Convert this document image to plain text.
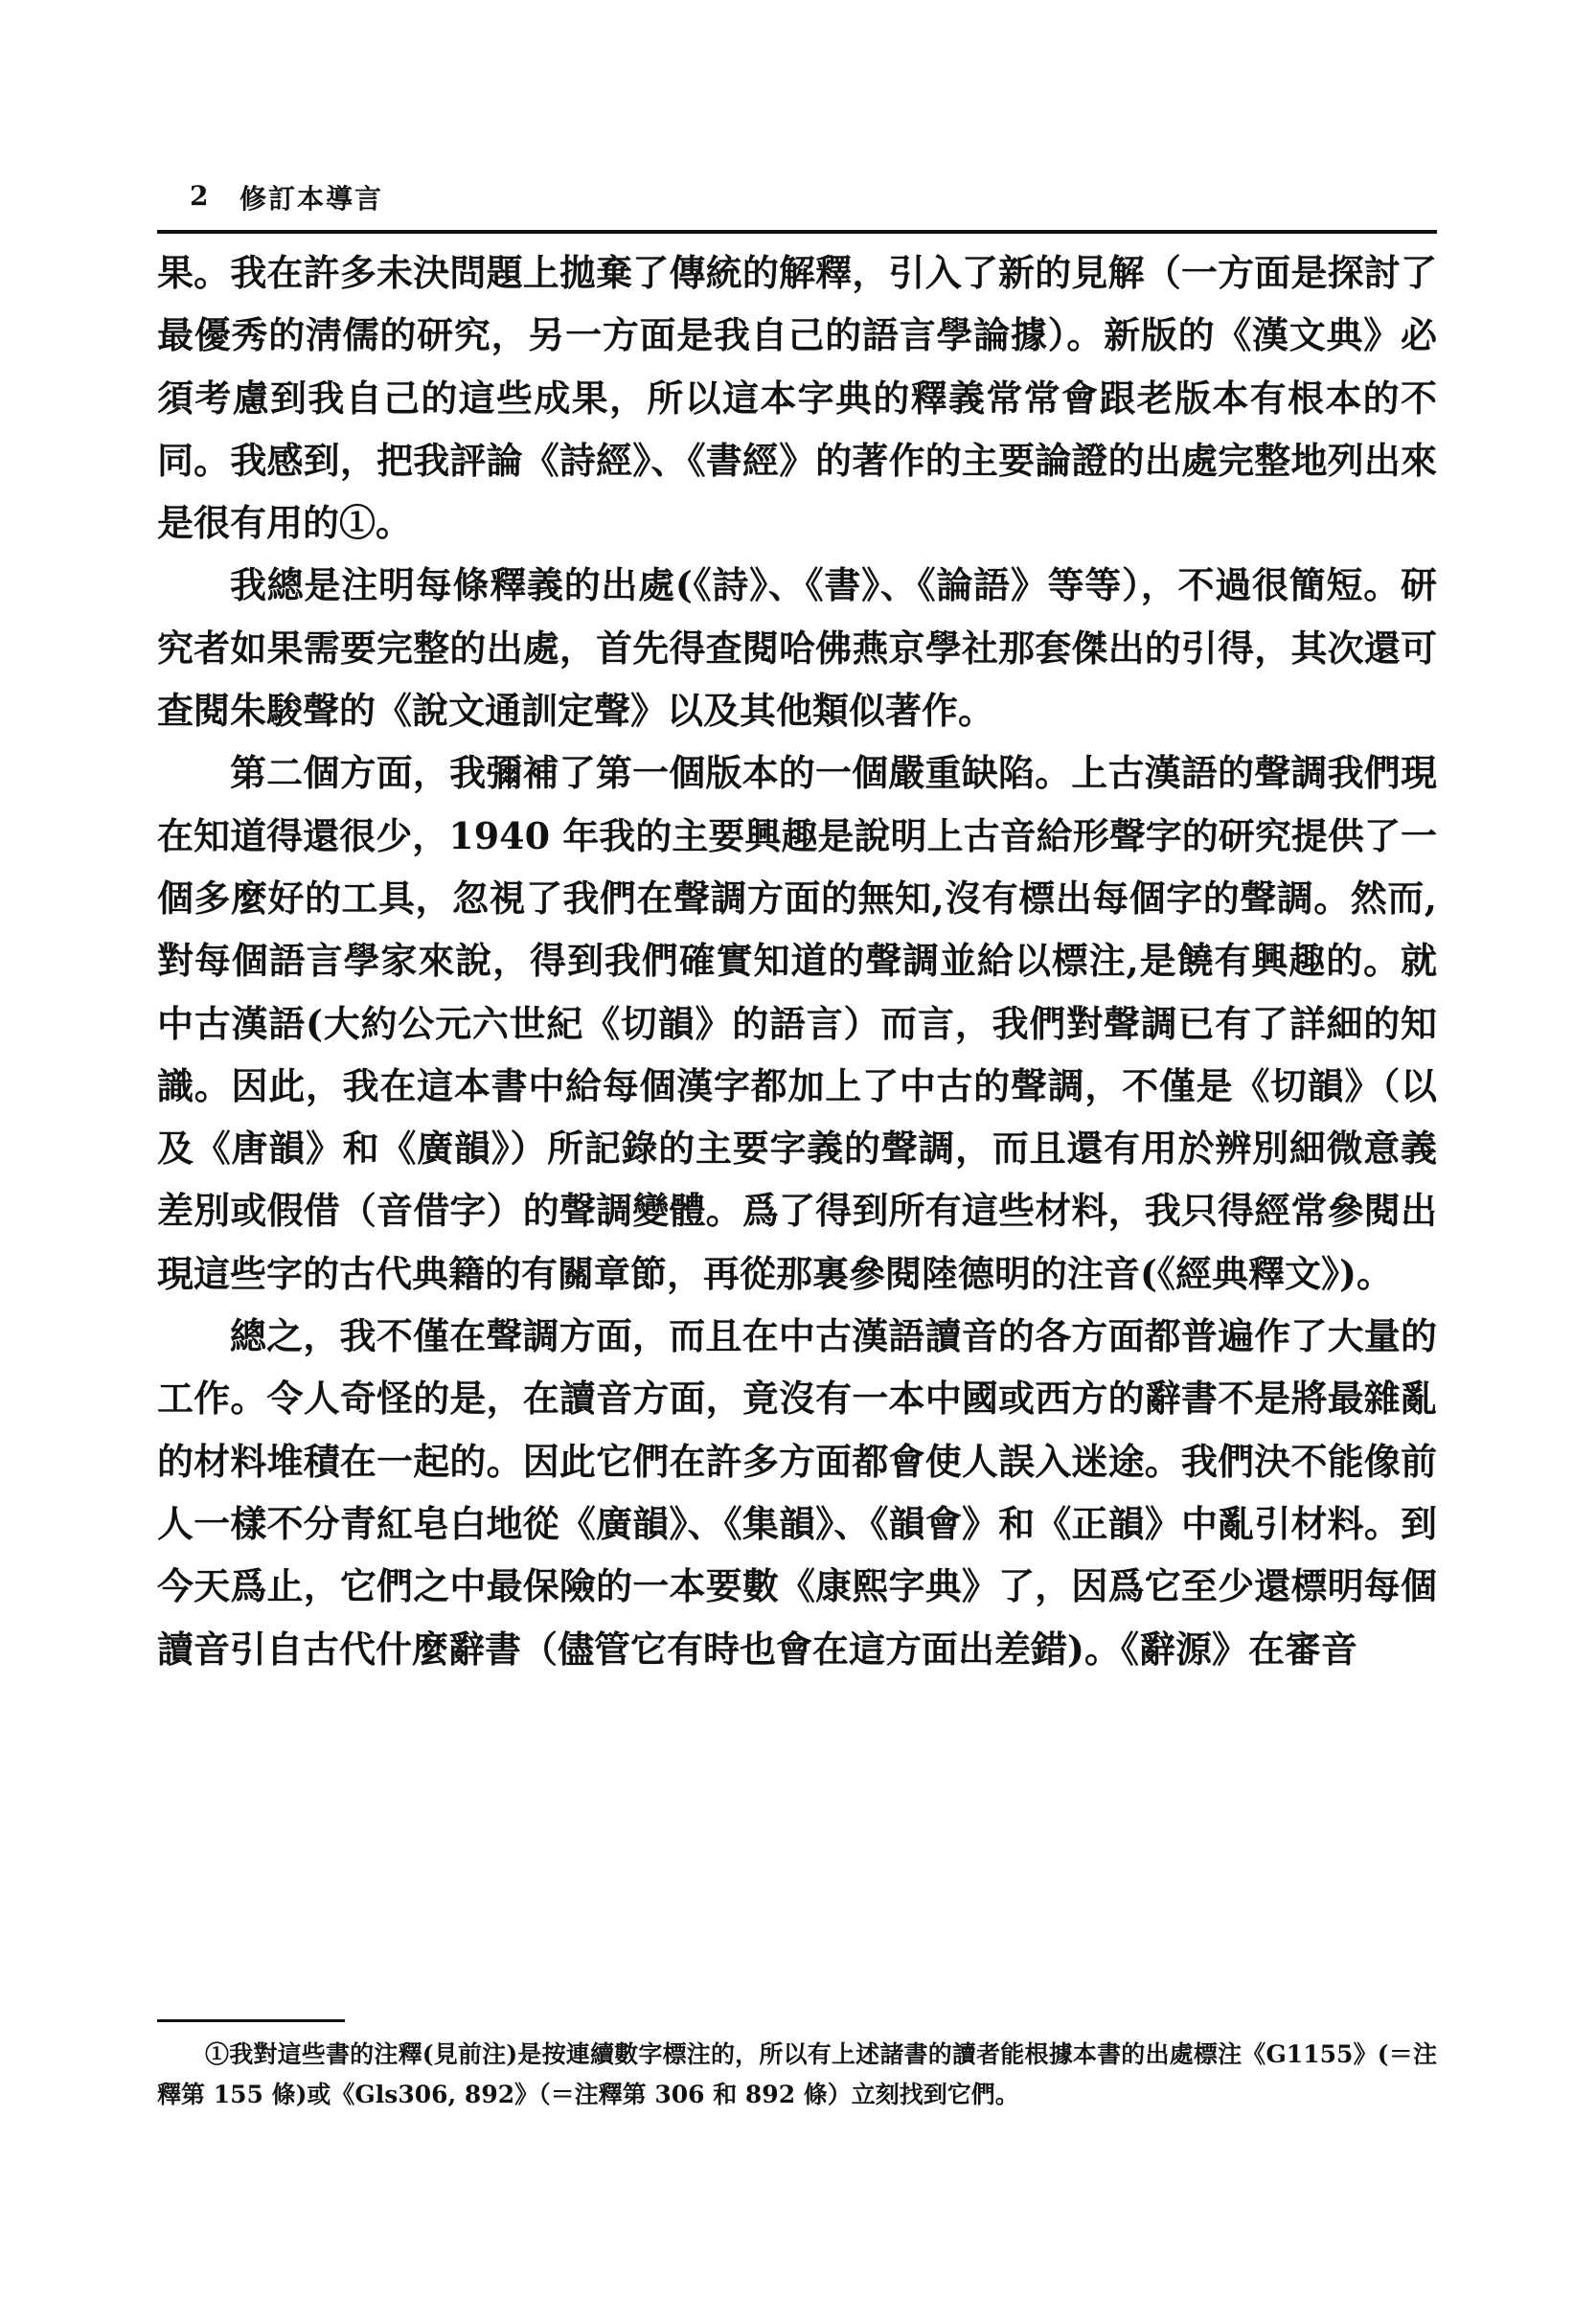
2 修訂本導言

果。我在許多未決問題上拋棄了傳統的解釋，引入了新的見解（一方面是探討了最優秀的淸儒的研究，另一方面是我自己的語言學論據）。新版的《漢文典》必須考慮到我自己的這些成果，所以這本字典的釋義常常會跟老版本有根本的不同。我感到，把我評論《詩經》、《書經》的著作的主要論證的出處完整地列出來是很有用的①。

我總是注明每條釋義的出處(《詩》、《書》、《論語》等等），不過很簡短。研究者如果需要完整的出處，首先得查閱哈佛燕京學社那套傑出的引得，其次還可查閱朱駿聲的《說文通訓定聲》以及其他類似著作。

第二個方面，我彌補了第一個版本的一個嚴重缺陷。上古漢語的聲調我們現在知道得還很少，1940 年我的主要興趣是說明上古音給形聲字的研究提供了一個多麼好的工具，忽視了我們在聲調方面的無知,沒有標出每個字的聲調。然而,對每個語言學家來說，得到我們確實知道的聲調並給以標注,是饒有興趣的。就中古漢語(大約公元六世紀《切韻》的語言）而言，我們對聲調已有了詳細的知識。因此，我在這本書中給每個漢字都加上了中古的聲調，不僅是《切韻》（以及《唐韻》和《廣韻》）所記錄的主要字義的聲調，而且還有用於辨別細微意義差別或假借（音借字）的聲調變體。爲了得到所有這些材料，我只得經常參閱出現這些字的古代典籍的有關章節，再從那裏參閱陸德明的注音(《經典釋文》)。

總之，我不僅在聲調方面，而且在中古漢語讀音的各方面都普遍作了大量的工作。令人奇怪的是，在讀音方面，竟沒有一本中國或西方的辭書不是將最雜亂的材料堆積在一起的。因此它們在許多方面都會使人誤入迷途。我們決不能像前人一樣不分青紅皂白地從《廣韻》、《集韻》、《韻會》和《正韻》中亂引材料。到今天爲止，它們之中最保險的一本要數《康熙字典》了，因爲它至少還標明每個讀音引自古代什麼辭書（儘管它有時也會在這方面出差錯)。《辭源》在審音

①我對這些書的注釋(見前注)是按連續數字標注的，所以有上述諸書的讀者能根據本書的出處標注《G1155》(＝注釋第 155 條)或《Gls306, 892》（＝注釋第 306 和 892 條）立刻找到它們。
